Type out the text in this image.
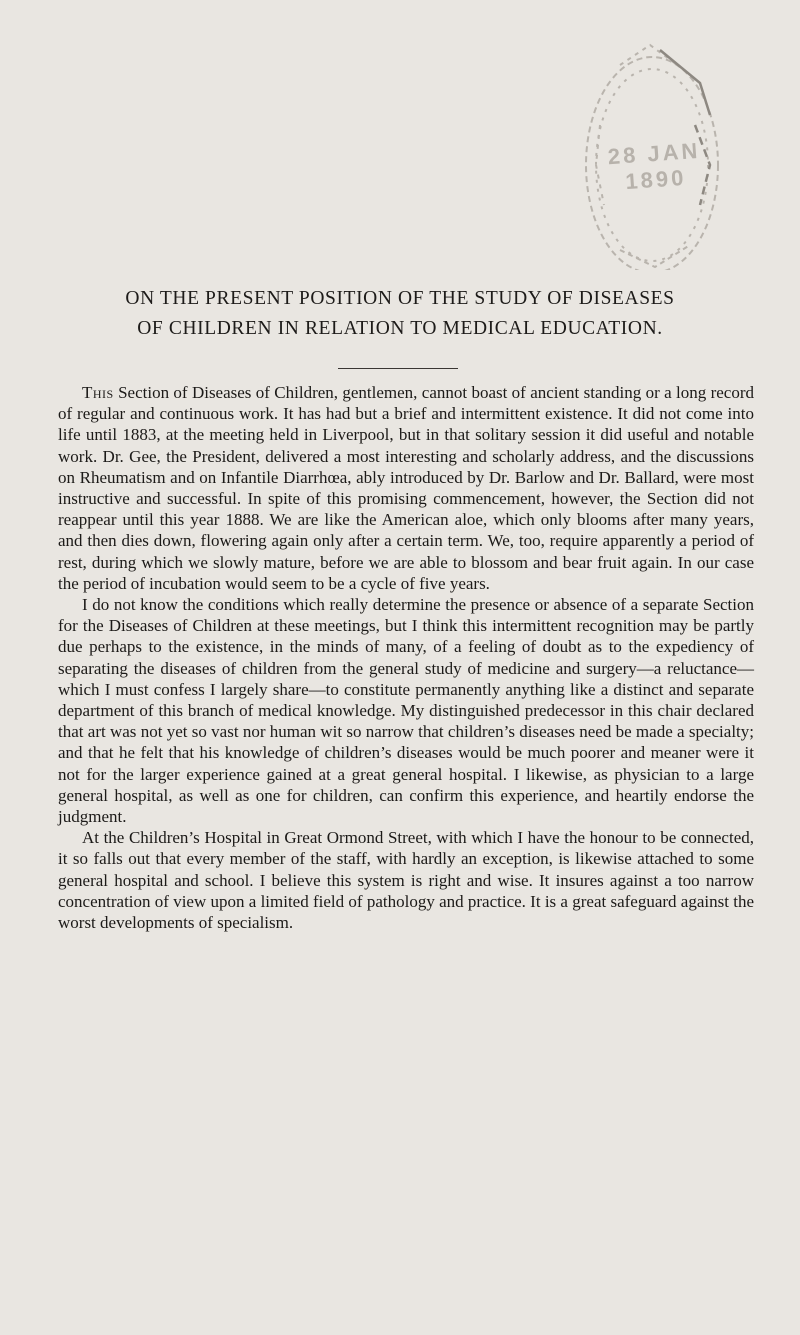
28 JAN 1890
ON THE PRESENT POSITION OF THE STUDY OF DISEASES
OF CHILDREN IN RELATION TO MEDICAL EDUCATION.

This Section of Diseases of Children, gentlemen, cannot boast of ancient standing or a long record of regular and continuous work. It has had but a brief and intermittent existence. It did not come into life until 1883, at the meeting held in Liverpool, but in that solitary session it did useful and notable work. Dr. Gee, the President, delivered a most interesting and scholarly address, and the discussions on Rheumatism and on Infantile Diarrhœa, ably introduced by Dr. Barlow and Dr. Ballard, were most instructive and successful. In spite of this promising commencement, however, the Section did not reappear until this year 1888. We are like the American aloe, which only blooms after many years, and then dies down, flowering again only after a certain term. We, too, require apparently a period of rest, during which we slowly mature, before we are able to blossom and bear fruit again. In our case the period of incubation would seem to be a cycle of five years.

I do not know the conditions which really determine the presence or absence of a separate Section for the Diseases of Children at these meetings, but I think this intermittent recognition may be partly due perhaps to the existence, in the minds of many, of a feeling of doubt as to the expediency of separating the diseases of children from the general study of medicine and surgery—a reluctance—which I must confess I largely share—to constitute permanently anything like a distinct and separate department of this branch of medical knowledge. My distinguished predecessor in this chair declared that art was not yet so vast nor human wit so narrow that children’s diseases need be made a specialty; and that he felt that his knowledge of children’s diseases would be much poorer and meaner were it not for the larger experience gained at a great general hospital. I likewise, as physician to a large general hospital, as well as one for children, can confirm this experience, and heartily endorse the judgment.

At the Children’s Hospital in Great Ormond Street, with which I have the honour to be connected, it so falls out that every member of the staff, with hardly an exception, is likewise attached to some general hospital and school. I believe this system is right and wise. It insures against a too narrow concentration of view upon a limited field of pathology and practice. It is a great safeguard against the worst developments of specialism.
